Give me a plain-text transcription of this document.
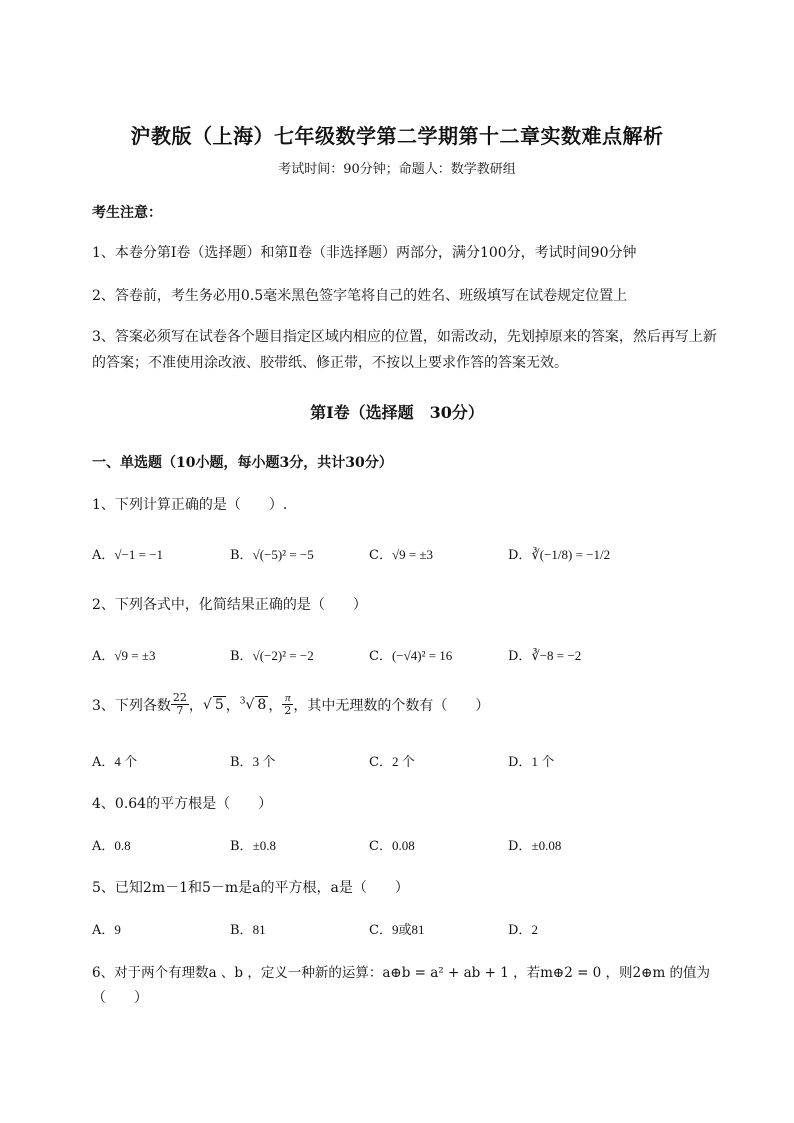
沪教版（上海）七年级数学第二学期第十二章实数难点解析
考试时间：90分钟；命题人：数学教研组
考生注意：
1、本卷分第I卷（选择题）和第Ⅱ卷（非选择题）两部分，满分100分，考试时间90分钟
2、答卷前，考生务必用0.5毫米黑色签字笔将自己的姓名、班级填写在试卷规定位置上
3、答案必须写在试卷各个题目指定区域内相应的位置，如需改动，先划掉原来的答案，然后再写上新
的答案；不准使用涂改液、胶带纸、修正带，不按以上要求作答的答案无效。
第I卷（选择题　30分）
一、单选题（10小题，每小题3分，共计30分）
1、下列计算正确的是（　　）.
A．√−1 = −1	B．√(−5)² = −5	C．√9 = ±3	D．∛(−1/8) = −1/2
2、下列各式中，化简结果正确的是（　　）
A．√9 = ±3	B．√(−2)² = −2	C．(−√4)² = 16	D．∛−8 = −2
3、下列各数 $\frac{22}{7}$ ， √ 5 ， $^3$√ 8 ， $\frac{\pi}{2}$ ，其中无理数的个数有（　　）
A．4 个	B．3 个	C．2 个	D．1 个
4、0.64的平方根是（　　）
A．0.8	B．±0.8	C．0.08	D．±0.08
5、已知2m－1和5－m是a的平方根，a是（　　）
A．9	B．81	C．9或81	D．2
6、对于两个有理数a 、b ，定义一种新的运算：a⊕b = a² + ab + 1 ，若m⊕2 = 0 ，则2⊕m 的值为
（　　）
